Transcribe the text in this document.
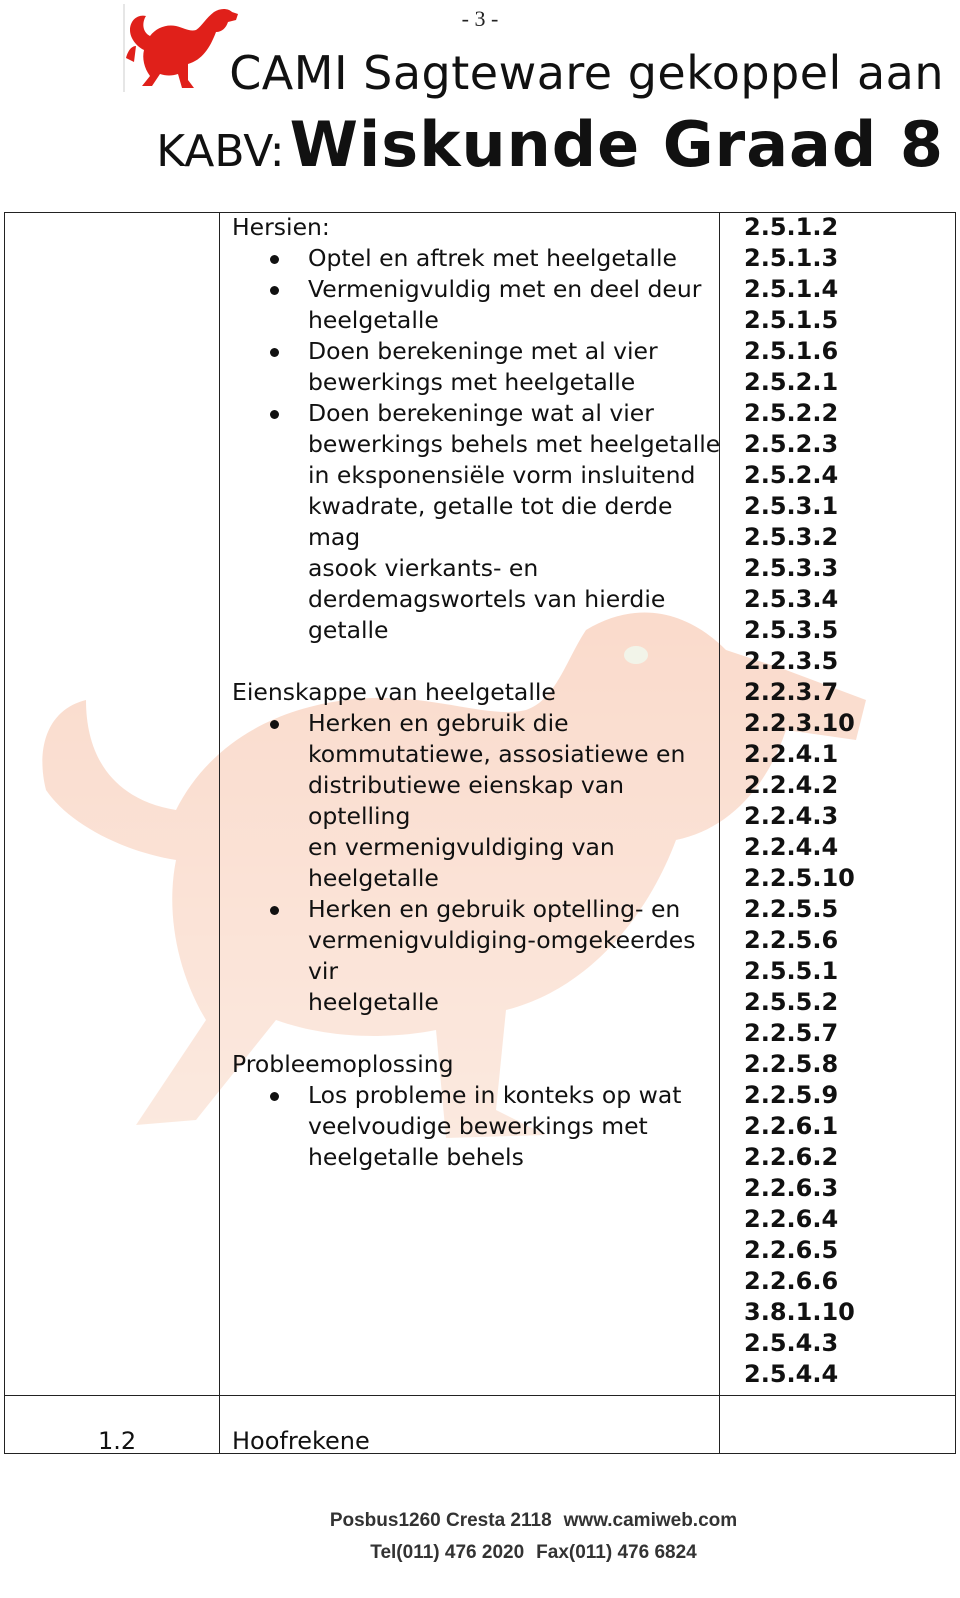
- 3 -
CAMI Sagteware gekoppel aan
KABV: Wiskunde Graad 8
Hersien:
Optel en aftrek met heelgetalle
Vermenigvuldig met en deel deur
heelgetalle
Doen berekeninge met al vier
bewerkings met heelgetalle
Doen berekeninge wat al vier
bewerkings behels met heelgetalle
in eksponensiële vorm insluitend
kwadrate, getalle tot die derde mag
asook vierkants- en
derdemagswortels van hierdie
getalle
Eienskappe van heelgetalle
Herken en gebruik die
kommutatiewe, assosiatiewe en
distributiewe eienskap van optelling
en vermenigvuldiging van
heelgetalle
Herken en gebruik optelling- en
vermenigvuldiging-omgekeerdes vir
heelgetalle
Probleemoplossing
Los probleme in konteks op wat
veelvoudige bewerkings met
heelgetalle behels
2.5.1.2
2.5.1.3
2.5.1.4
2.5.1.5
2.5.1.6
2.5.2.1
2.5.2.2
2.5.2.3
2.5.2.4
2.5.3.1
2.5.3.2
2.5.3.3
2.5.3.4
2.5.3.5
2.2.3.5
2.2.3.7
2.2.3.10
2.2.4.1
2.2.4.2
2.2.4.3
2.2.4.4
2.2.5.10
2.2.5.5
2.2.5.6
2.5.5.1
2.5.5.2
2.2.5.7
2.2.5.8
2.2.5.9
2.2.6.1
2.2.6.2
2.2.6.3
2.2.6.4
2.2.6.5
2.2.6.6
3.8.1.10
2.5.4.3
2.5.4.4
1.2	Hoofrekene
Posbus1260 Cresta 2118 www.camiweb.com
Tel(011) 476 2020 Fax(011) 476 6824
